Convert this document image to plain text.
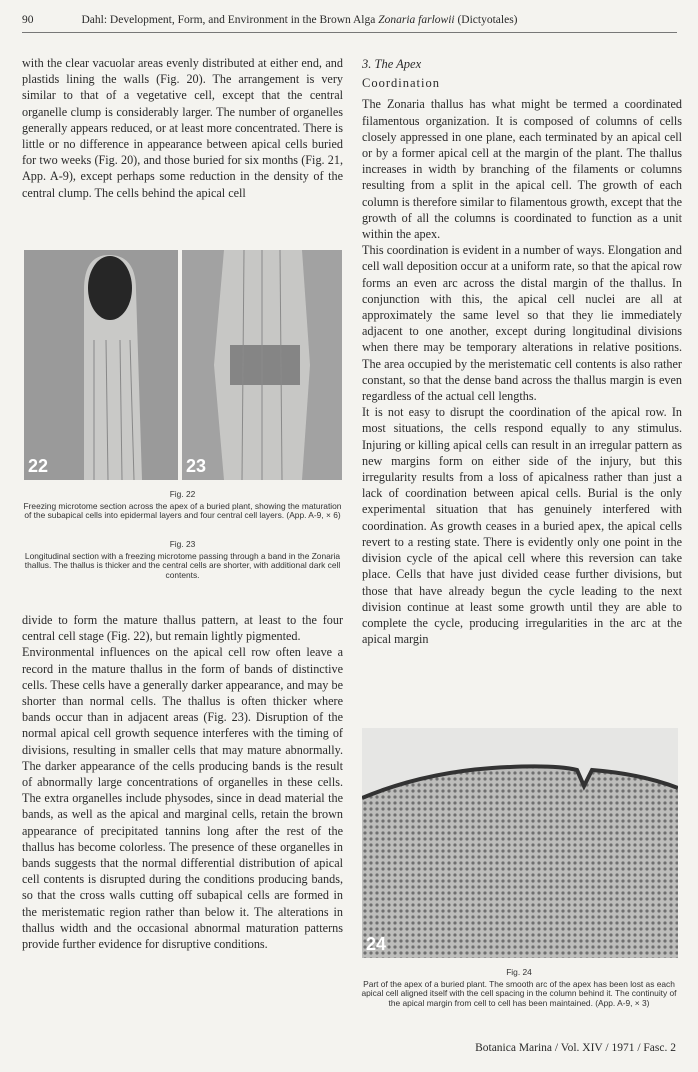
90	Dahl: Development, Form, and Environment in the Brown Alga Zonaria farlowii (Dictyotales)

with the clear vacuolar areas evenly distributed at either end, and plastids lining the walls (Fig. 20). The arrangement is very similar to that of a vegetative cell, except that the central organelle clump is considerably larger. The number of organelles generally appears reduced, or at least more concentrated. There is little or no difference in appearance between apical cells buried for two weeks (Fig. 20), and those buried for six months (Fig. 21, App. A-9), except perhaps some reduction in the density of the central clump. The cells behind the apical cell

22	23
Fig. 22
Freezing microtome section across the apex of a buried plant, showing the maturation of the subapical cells into epidermal layers and four central cell layers. (App. A-9, × 6)
Fig. 23
Longitudinal section with a freezing microtome passing through a band in the Zonaria thallus. The thallus is thicker and the central cells are shorter, with additional dark cell contents.

divide to form the mature thallus pattern, at least to the four central cell stage (Fig. 22), but remain lightly pigmented.

Environmental influences on the apical cell row often leave a record in the mature thallus in the form of bands of distinctive cells. These cells have a generally darker appearance, and may be shorter than normal cells. The thallus is often thicker where bands occur than in adjacent areas (Fig. 23). Disruption of the normal apical cell growth sequence interferes with the timing of divisions, resulting in smaller cells that may mature abnormally. The darker appearance of the cells producing bands is the result of abnormally large concentrations of organelles in these cells. The extra organelles include physodes, since in dead material the bands, as well as the apical and marginal cells, retain the brown appearance of precipitated tannins long after the rest of the thallus has become colorless. The presence of these organelles in bands suggests that the normal differential distribution of apical cell contents is disrupted during the conditions producing bands, so that the cross walls cutting off subapical cells are formed in the meristematic region rather than below it. The alterations in thallus width and the occasional abnormal maturation patterns provide further evidence for disruptive conditions.

3. The Apex
Coordination

The Zonaria thallus has what might be termed a coordinated filamentous organization. It is composed of columns of cells closely appressed in one plane, each terminated by an apical cell or by a former apical cell at the margin of the plant. The thallus increases in width by branching of the filaments or columns resulting from a split in the apical cell. The growth of each column is therefore similar to filamentous growth, except that the growth of all the columns is coordinated to function as a unit within the apex.

This coordination is evident in a number of ways. Elongation and cell wall deposition occur at a uniform rate, so that the apical row forms an even arc across the distal margin of the thallus. In conjunction with this, the apical cell nuclei are all at approximately the same level so that they lie immediately adjacent to one another, except during longitudinal divisions when there may be temporary alterations in relative positions. The area occupied by the meristematic cell contents is also rather constant, so that the dense band across the thallus margin is even regardless of the actual cell lengths.

It is not easy to disrupt the coordination of the apical row. In most situations, the cells respond equally to any stimulus. Injuring or killing apical cells can result in an irregular pattern as new margins form on either side of the injury, but this irregularity results from a loss of apicalness rather than just a lack of coordination between apical cells. Burial is the only experimental situation that has genuinely interfered with coordination. As growth ceases in a buried apex, the apical cells revert to a resting state. There is evidently only one point in the division cycle of the apical cell where this reversion can take place. Cells that have just divided cease further divisions, but those that have already begun the cycle leading to the next division continue at least some growth until they are able to complete the cycle, producing irregularities in the arc at the apical margin

24
Fig. 24
Part of the apex of a buried plant. The smooth arc of the apex has been lost as each apical cell aligned itself with the cell spacing in the column behind it. The continuity of the apical margin from cell to cell has been maintained. (App. A-9, × 3)
Botanica Marina / Vol. XIV / 1971 / Fasc. 2
